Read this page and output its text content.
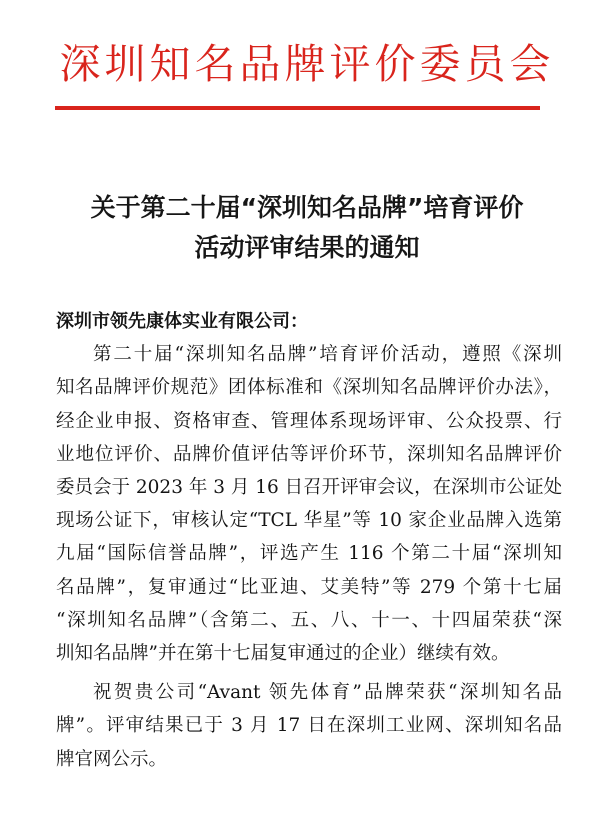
深圳知名品牌评价委员会
关于第二十届“深圳知名品牌”培育评价
活动评审结果的通知
深圳市领先康体实业有限公司：
第二十届“深圳知名品牌”培育评价活动，遵照《深圳
知名品牌评价规范》团体标准和《深圳知名品牌评价办法》，
经企业申报、资格审查、管理体系现场评审、公众投票、行
业地位评价、品牌价值评估等评价环节，深圳知名品牌评价
委员会于 2023 年 3 月 16 日召开评审会议，在深圳市公证处
现场公证下，审核认定“TCL 华星”等 10 家企业品牌入选第
九届“国际信誉品牌”，评选产生 116 个第二十届“深圳知
名品牌”，复审通过“比亚迪、艾美特”等 279 个第十七届
“深圳知名品牌”（含第二、五、八、十一、十四届荣获“深
圳知名品牌”并在第十七届复审通过的企业）继续有效。
祝贺贵公司“Avant 领先体育”品牌荣获“深圳知名品
牌”。评审结果已于 3 月 17 日在深圳工业网、深圳知名品
牌官网公示。
